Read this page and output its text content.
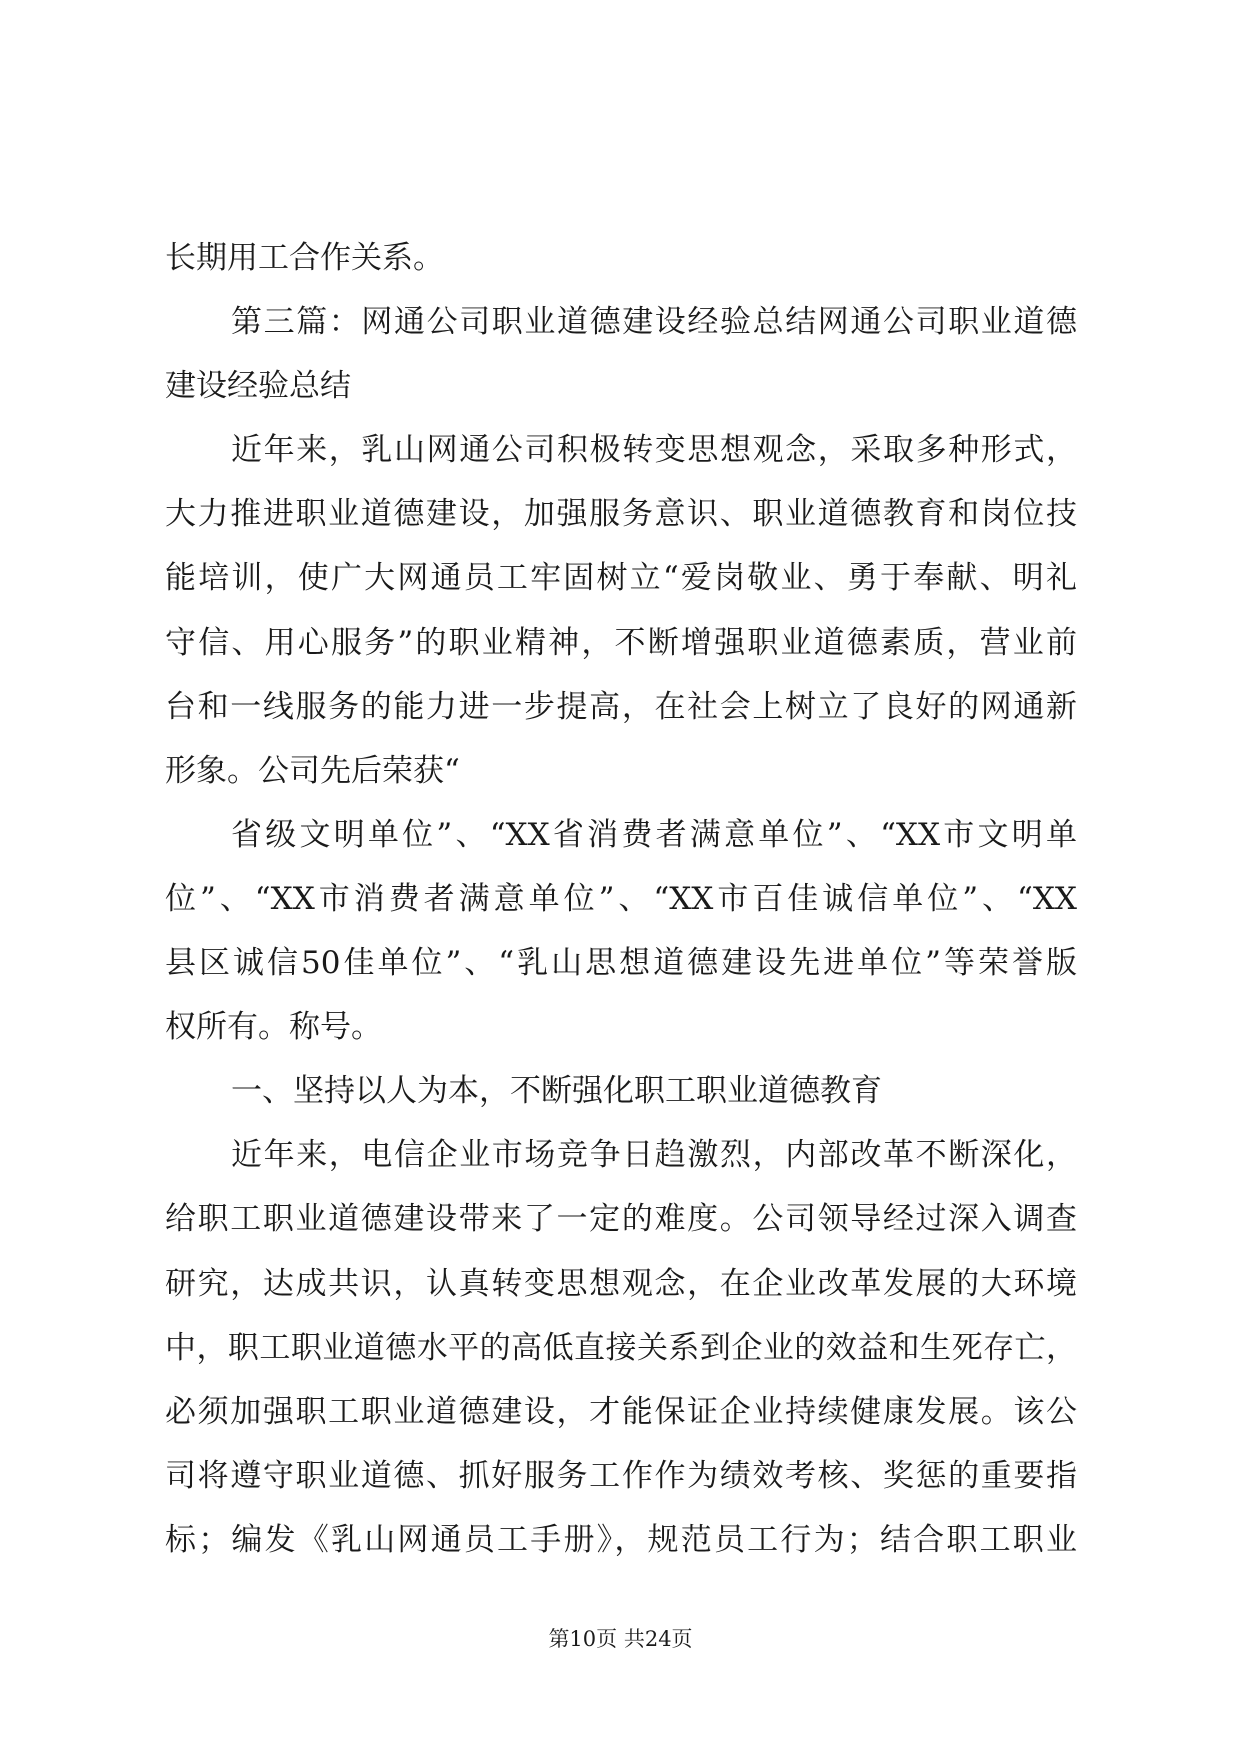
长期用工合作关系。
第三篇：网通公司职业道德建设经验总结网通公司职业道德
建设经验总结
近年来，乳山网通公司积极转变思想观念，采取多种形式，
大力推进职业道德建设，加强服务意识、职业道德教育和岗位技
能培训，使广大网通员工牢固树立“爱岗敬业、勇于奉献、明礼
守信、用心服务”的职业精神，不断增强职业道德素质，营业前
台和一线服务的能力进一步提高，在社会上树立了良好的网通新
形象。公司先后荣获“
省级文明单位”、“XX省消费者满意单位”、“XX市文明单
位”、“XX市消费者满意单位”、“XX市百佳诚信单位”、“XX
县区诚信50佳单位”、“乳山思想道德建设先进单位”等荣誉版
权所有。称号。
一、坚持以人为本，不断强化职工职业道德教育
近年来，电信企业市场竞争日趋激烈，内部改革不断深化，
给职工职业道德建设带来了一定的难度。公司领导经过深入调查
研究，达成共识，认真转变思想观念，在企业改革发展的大环境
中，职工职业道德水平的高低直接关系到企业的效益和生死存亡，
必须加强职工职业道德建设，才能保证企业持续健康发展。该公
司将遵守职业道德、抓好服务工作作为绩效考核、奖惩的重要指
标；编发《乳山网通员工手册》，规范员工行为；结合职工职业
第10页 共24页
